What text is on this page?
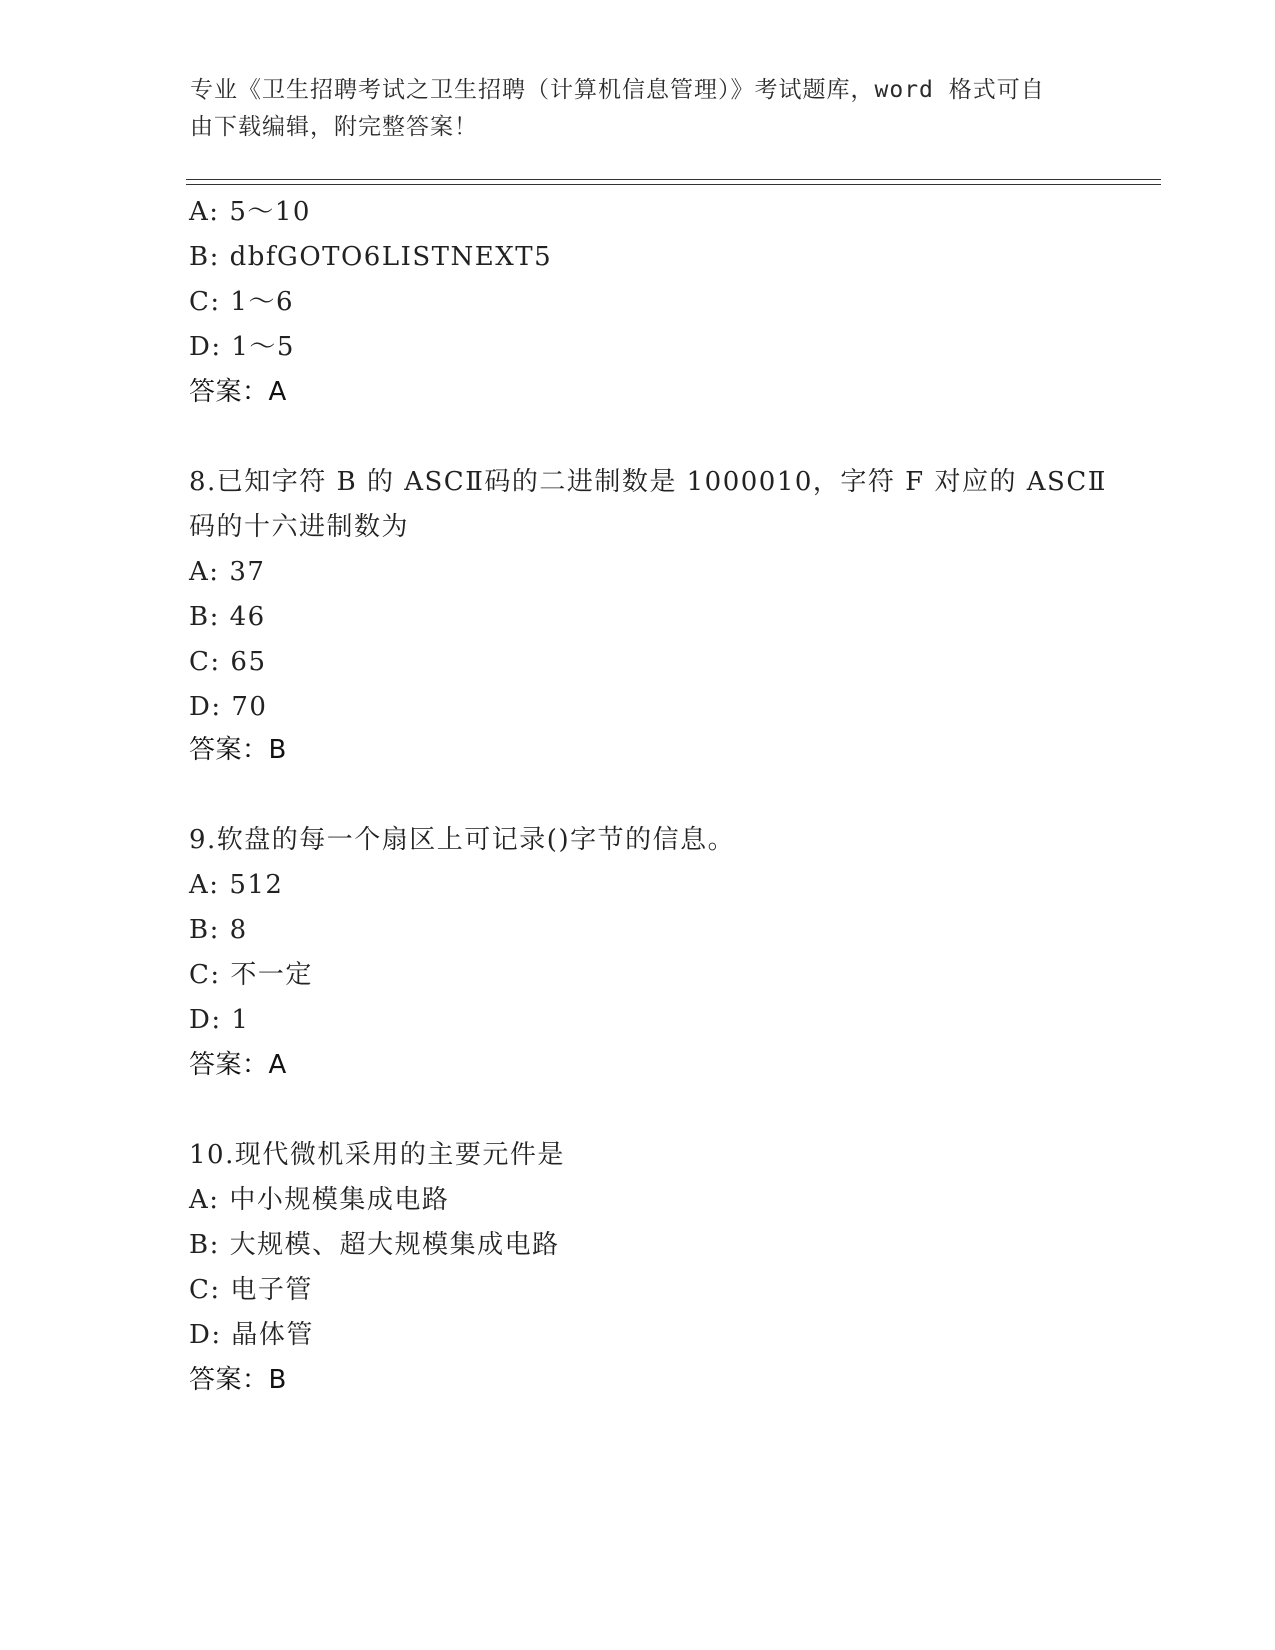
专业《卫生招聘考试之卫生招聘（计算机信息管理）》考试题库，word 格式可自
由下载编辑，附完整答案！
A: 5～10
B: dbfGOTO6LISTNEXT5
C: 1～6
D: 1～5
答案：A
8.已知字符 B 的 ASCⅡ码的二进制数是 1000010，字符 F 对应的 ASCⅡ
码的十六进制数为
A: 37
B: 46
C: 65
D: 70
答案：B
9.软盘的每一个扇区上可记录()字节的信息。
A: 512
B: 8
C: 不一定
D: 1
答案：A
10.现代微机采用的主要元件是
A: 中小规模集成电路
B: 大规模、超大规模集成电路
C: 电子管
D: 晶体管
答案：B
